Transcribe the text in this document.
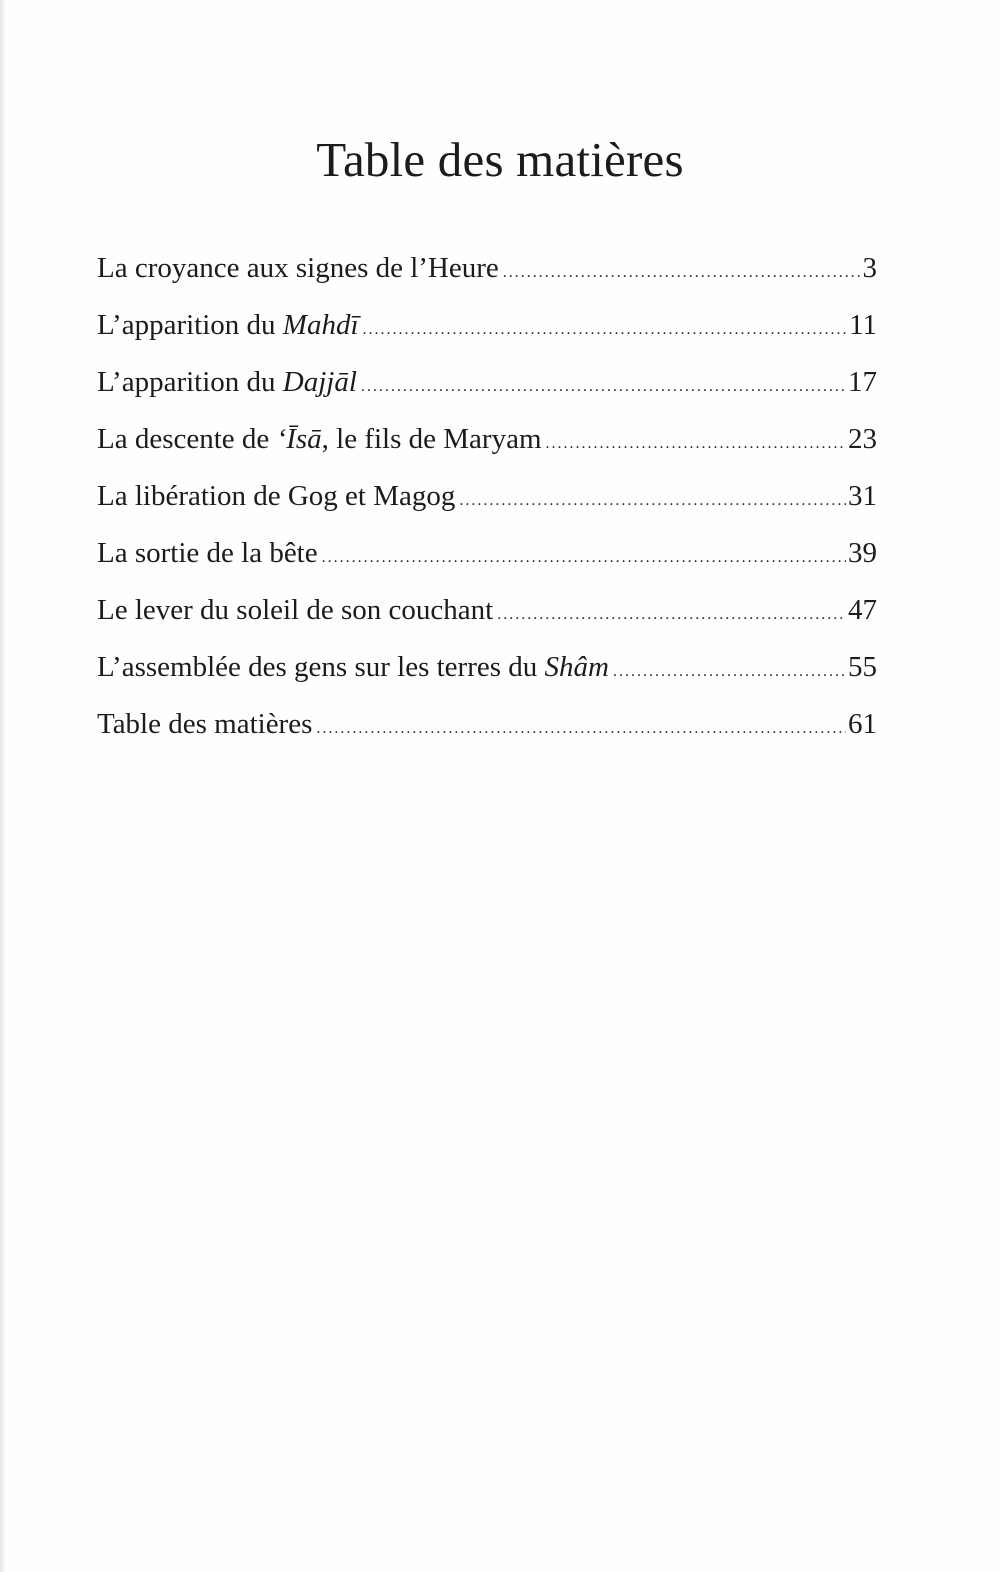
Table des matières
La croyance aux signes de l’Heure . . .	3
L’apparition du Mahdī . . .	11
L’apparition du Dajjāl . . .	17
La descente de ‘Īsā, le fils de Maryam . . .	23
La libération de Gog et Magog . . .	31
La sortie de la bête . . .	39
Le lever du soleil de son couchant . . .	47
L’assemblée des gens sur les terres du Shâm . . .	55
Table des matières . . .	61
